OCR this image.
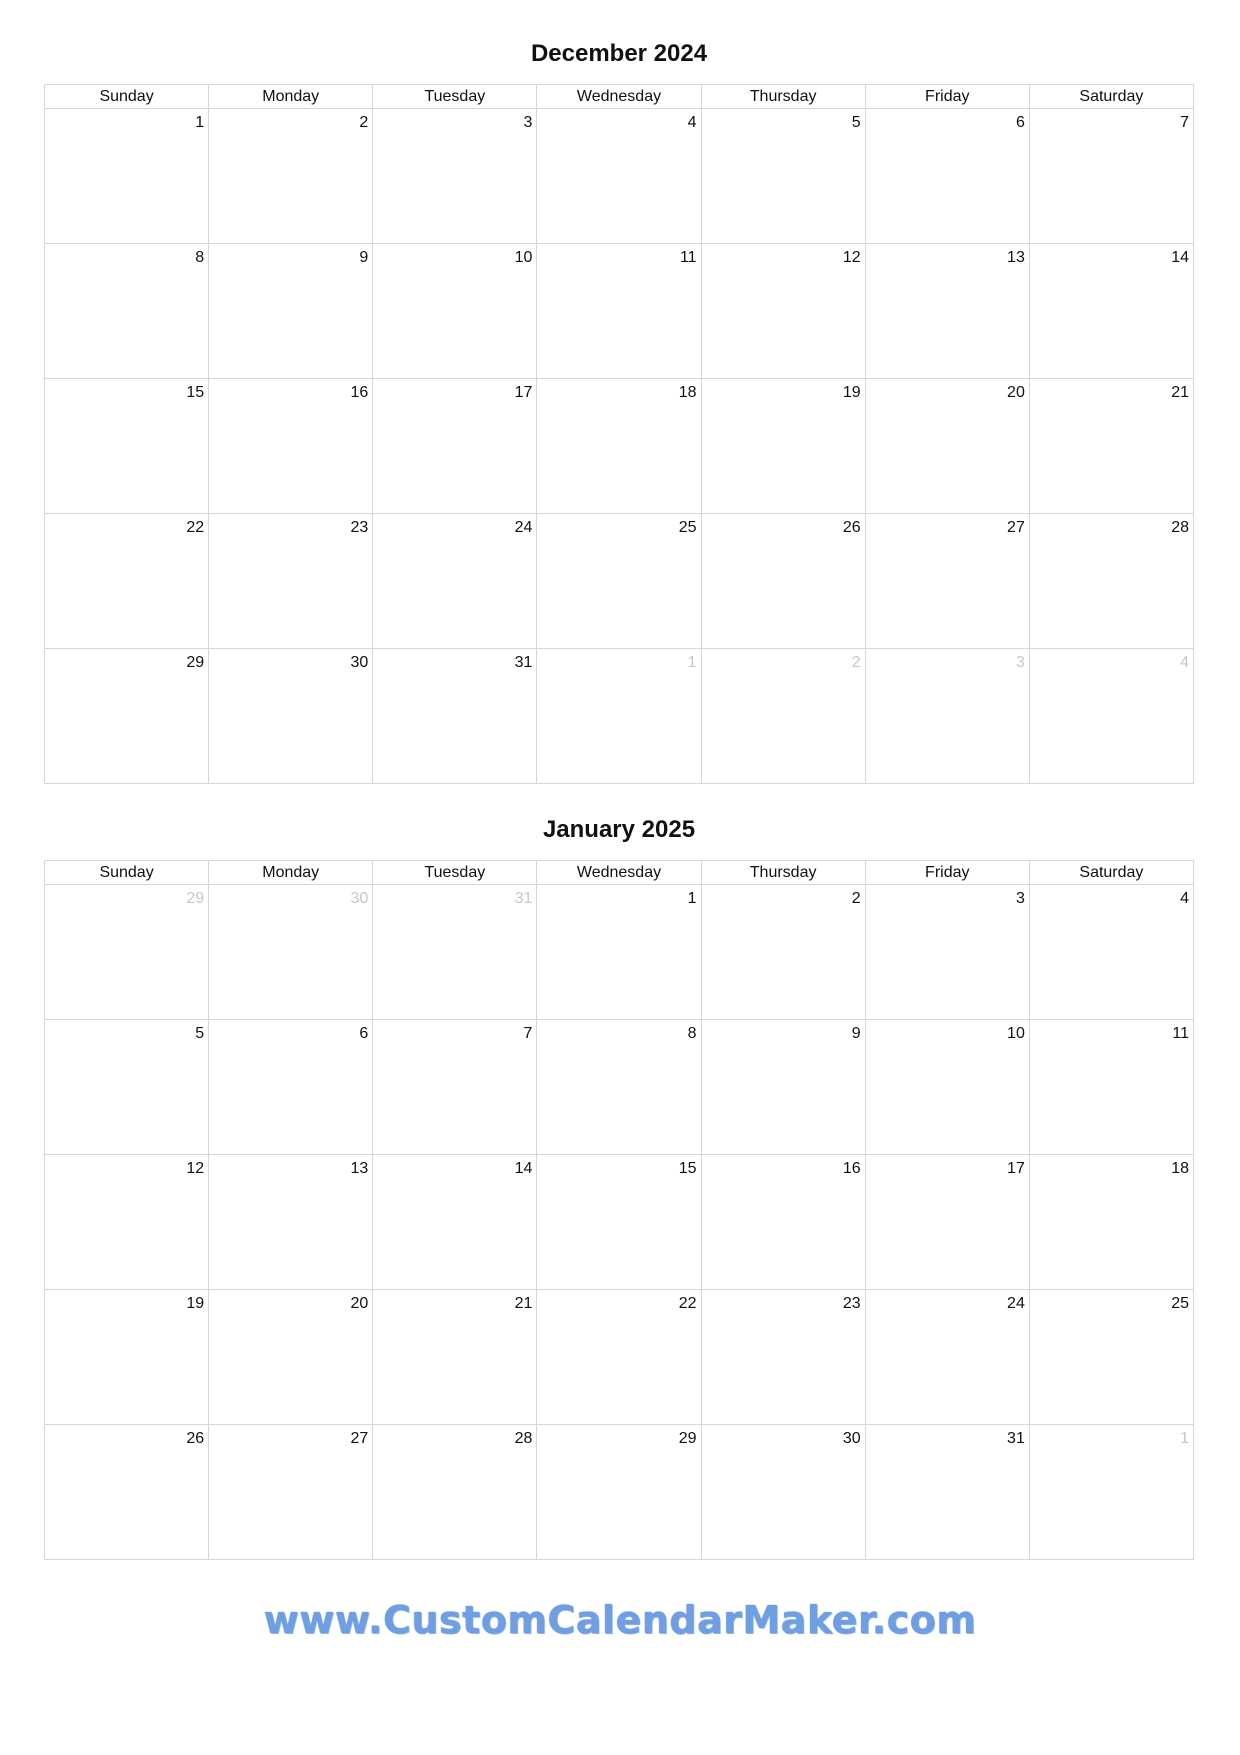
December 2024
Sunday	Monday	Tuesday	Wednesday	Thursday	Friday	Saturday

1	2	3	4	5	6	7

8	9	10	11	12	13	14

15	16	17	18	19	20	21

22	23	24	25	26	27	28

29	30	31	1	2	3	4
January 2025
Sunday	Monday	Tuesday	Wednesday	Thursday	Friday	Saturday

29	30	31	1	2	3	4

5	6	7	8	9	10	11

12	13	14	15	16	17	18

19	20	21	22	23	24	25

26	27	28	29	30	31	1
www.CustomCalendarMaker.com
